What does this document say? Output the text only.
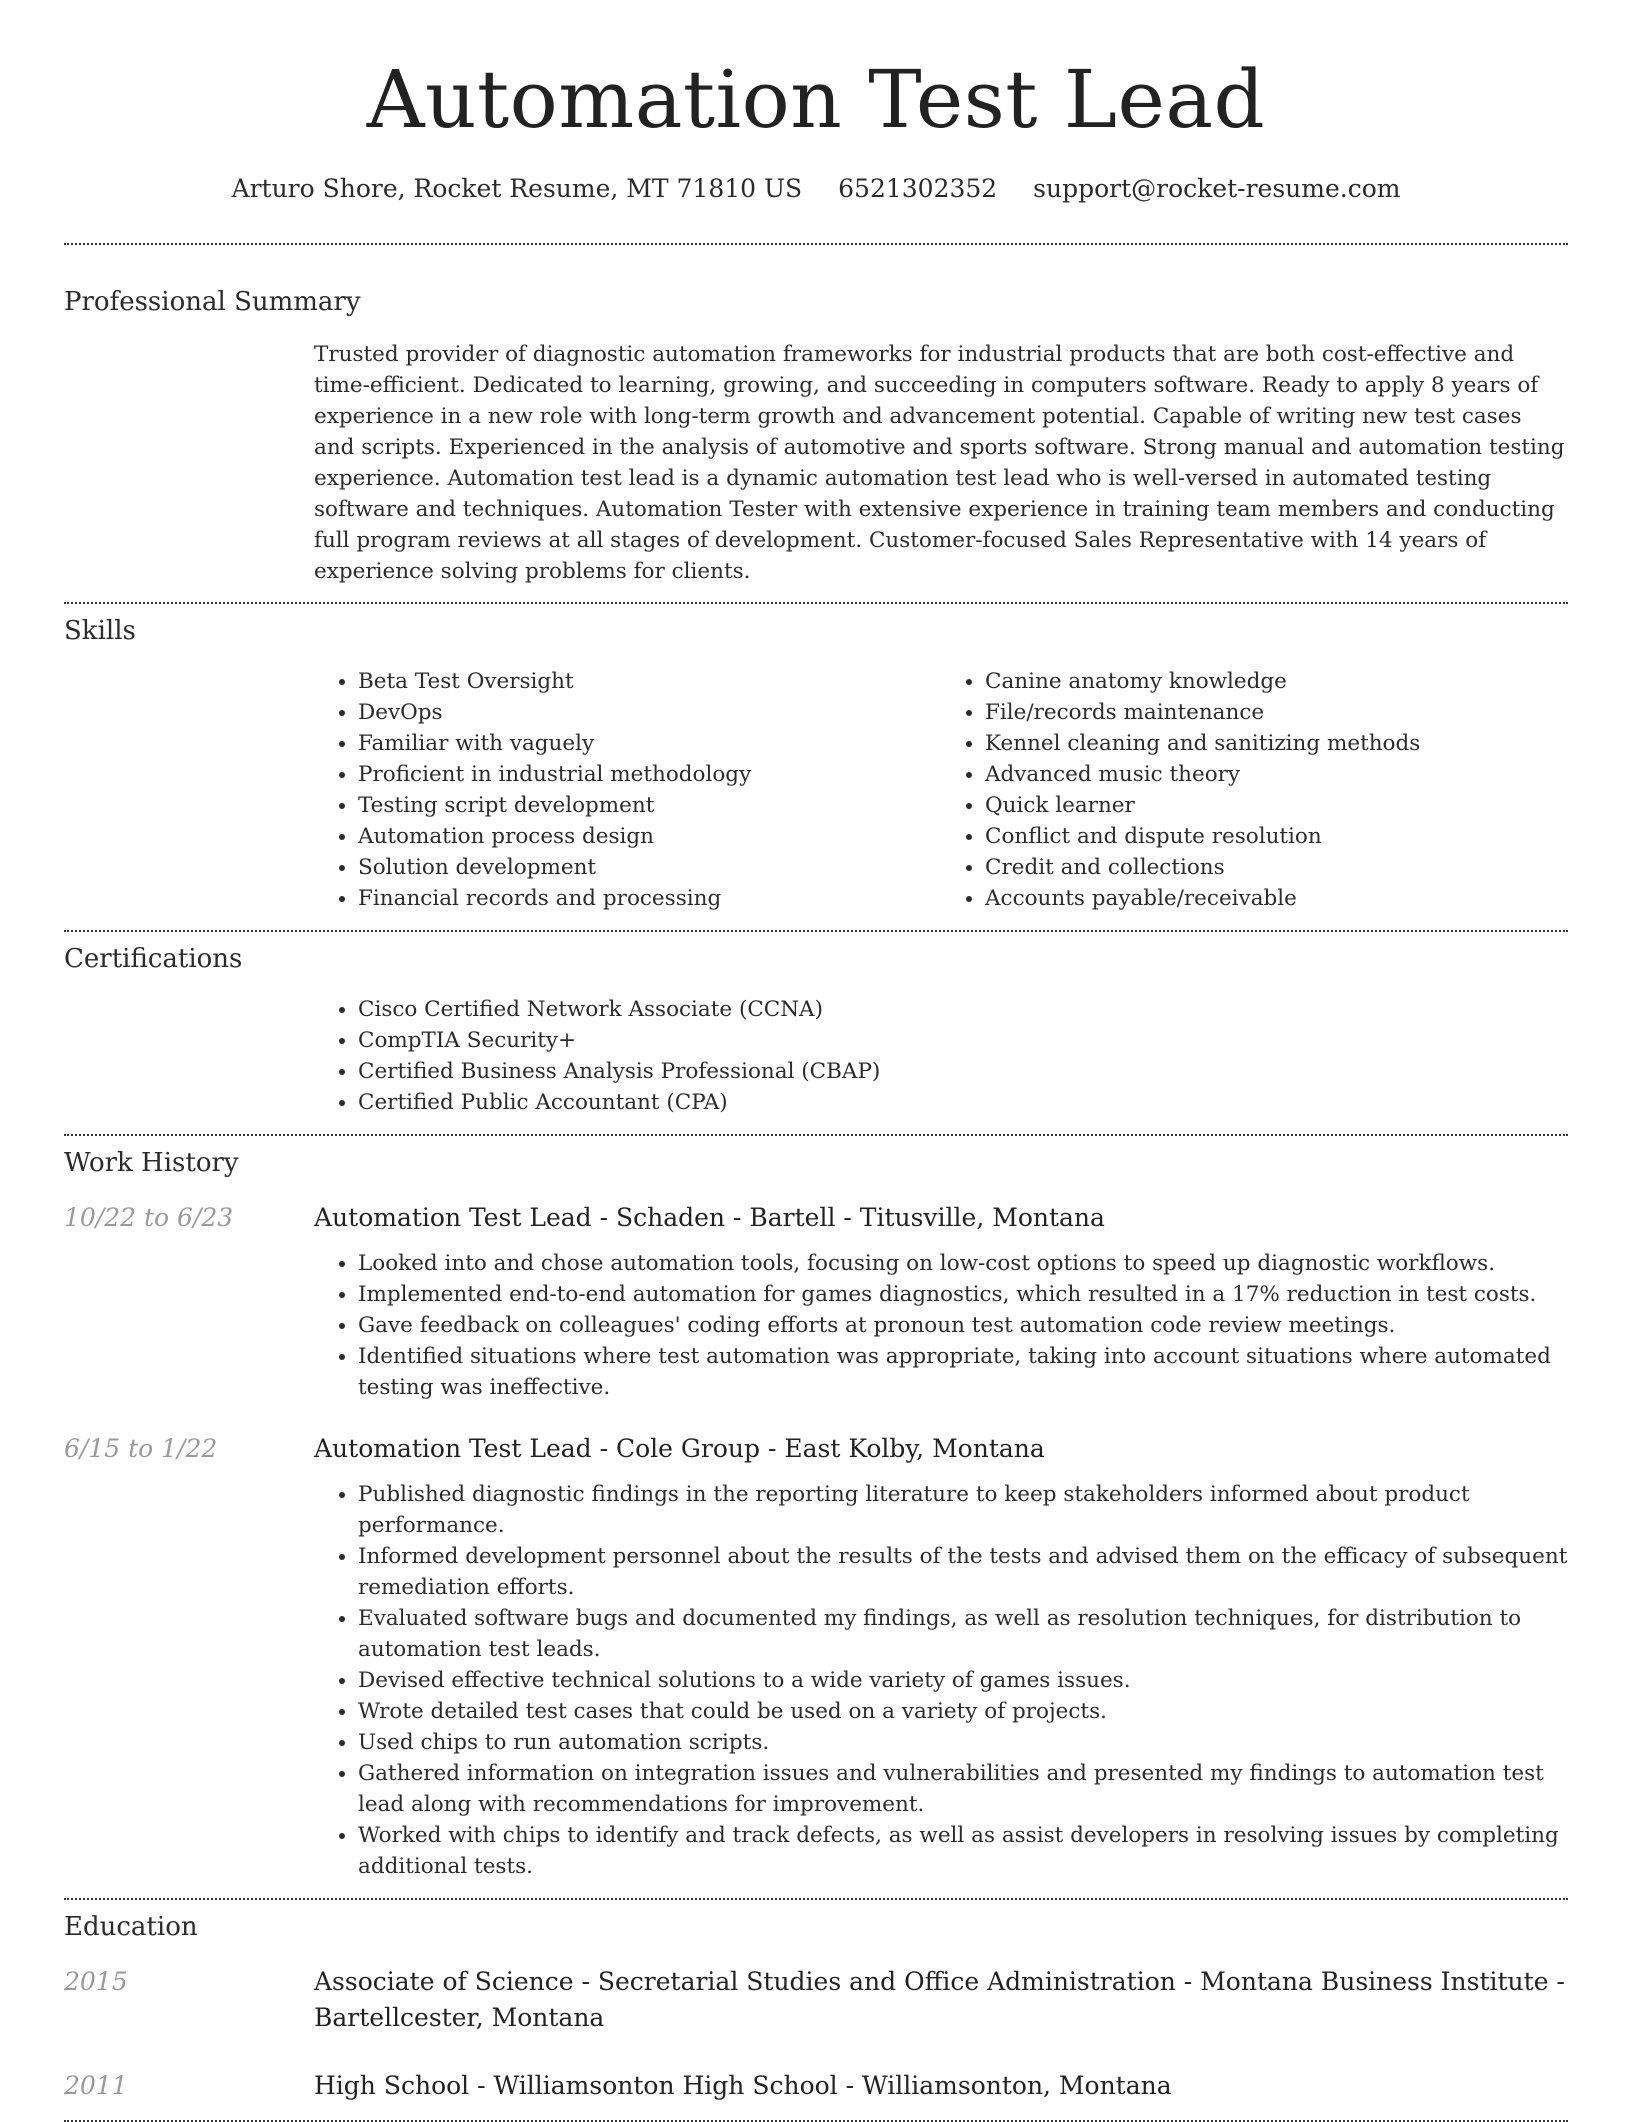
Automation Test Lead
Arturo Shore, Rocket Resume, MT 71810 US 6521302352 support@rocket-resume.com
Professional Summary

Trusted provider of diagnostic automation frameworks for industrial products that are both cost-effective and time-efficient. Dedicated to learning, growing, and succeeding in computers software. Ready to apply 8 years of experience in a new role with long-term growth and advancement potential. Capable of writing new test cases and scripts. Experienced in the analysis of automotive and sports software. Strong manual and automation testing experience. Automation test lead is a dynamic automation test lead who is well-versed in automated testing software and techniques. Automation Tester with extensive experience in training team members and conducting full program reviews at all stages of development. Customer-focused Sales Representative with 14 years of experience solving problems for clients.

Skills
• Beta Test Oversight
• DevOps
• Familiar with vaguely
• Proficient in industrial methodology
• Testing script development
• Automation process design
• Solution development
• Financial records and processing
• Canine anatomy knowledge
• File/records maintenance
• Kennel cleaning and sanitizing methods
• Advanced music theory
• Quick learner
• Conflict and dispute resolution
• Credit and collections
• Accounts payable/receivable
Certifications
• Cisco Certified Network Associate (CCNA)
• CompTIA Security+
• Certified Business Analysis Professional (CBAP)
• Certified Public Accountant (CPA)
Work History
10/22 to 6/23	Automation Test Lead - Schaden - Bartell - Titusville, Montana
• Looked into and chose automation tools, focusing on low-cost options to speed up diagnostic workflows.
• Implemented end-to-end automation for games diagnostics, which resulted in a 17% reduction in test costs.
• Gave feedback on colleagues' coding efforts at pronoun test automation code review meetings.
• Identified situations where test automation was appropriate, taking into account situations where automated testing was ineffective.
6/15 to 1/22	Automation Test Lead - Cole Group - East Kolby, Montana
• Published diagnostic findings in the reporting literature to keep stakeholders informed about product performance.
• Informed development personnel about the results of the tests and advised them on the efficacy of subsequent remediation efforts.
• Evaluated software bugs and documented my findings, as well as resolution techniques, for distribution to automation test leads.
• Devised effective technical solutions to a wide variety of games issues.
• Wrote detailed test cases that could be used on a variety of projects.
• Used chips to run automation scripts.
• Gathered information on integration issues and vulnerabilities and presented my findings to automation test lead along with recommendations for improvement.
• Worked with chips to identify and track defects, as well as assist developers in resolving issues by completing additional tests.
Education
2015	Associate of Science - Secretarial Studies and Office Administration - Montana Business Institute - Bartellcester, Montana
2011	High School - Williamsonton High School - Williamsonton, Montana
